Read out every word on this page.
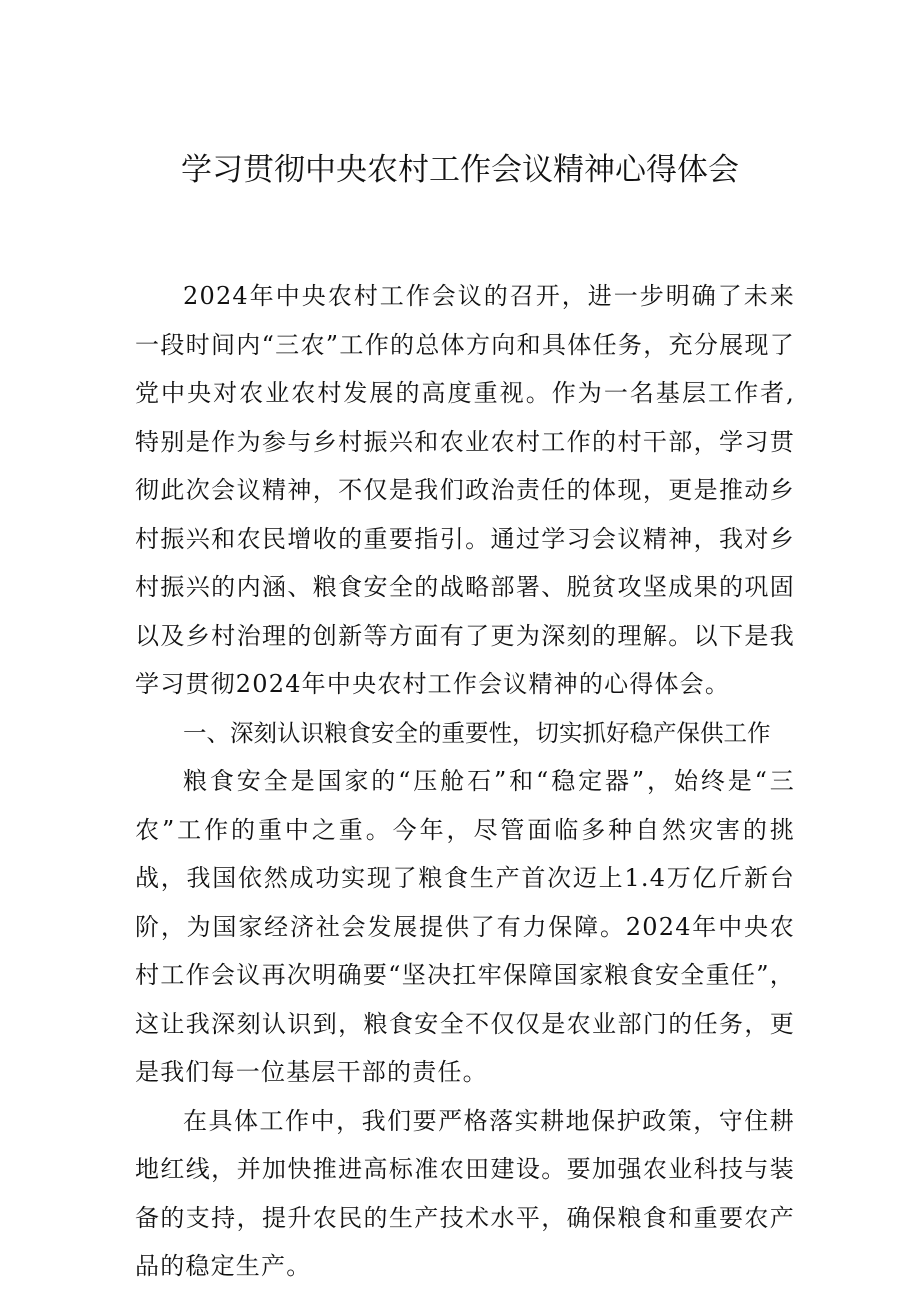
学习贯彻中央农村工作会议精神心得体会

2024年中央农村工作会议的召开，进一步明确了未来一段时间内“三农”工作的总体方向和具体任务，充分展现了党中央对农业农村发展的高度重视。作为一名基层工作者,特别是作为参与乡村振兴和农业农村工作的村干部，学习贯彻此次会议精神，不仅是我们政治责任的体现，更是推动乡村振兴和农民增收的重要指引。通过学习会议精神，我对乡村振兴的内涵、粮食安全的战略部署、脱贫攻坚成果的巩固以及乡村治理的创新等方面有了更为深刻的理解。以下是我学习贯彻2024年中央农村工作会议精神的心得体会。

一、深刻认识粮食安全的重要性，切实抓好稳产保供工作

粮食安全是国家的“压舱石”和“稳定器”，始终是“三农”工作的重中之重。今年，尽管面临多种自然灾害的挑战，我国依然成功实现了粮食生产首次迈上1.4万亿斤新台阶，为国家经济社会发展提供了有力保障。2024年中央农村工作会议再次明确要“坚决扛牢保障国家粮食安全重任”，这让我深刻认识到，粮食安全不仅仅是农业部门的任务，更是我们每一位基层干部的责任。

在具体工作中，我们要严格落实耕地保护政策，守住耕地红线，并加快推进高标准农田建设。要加强农业科技与装备的支持，提升农民的生产技术水平，确保粮食和重要农产品的稳定生产。
